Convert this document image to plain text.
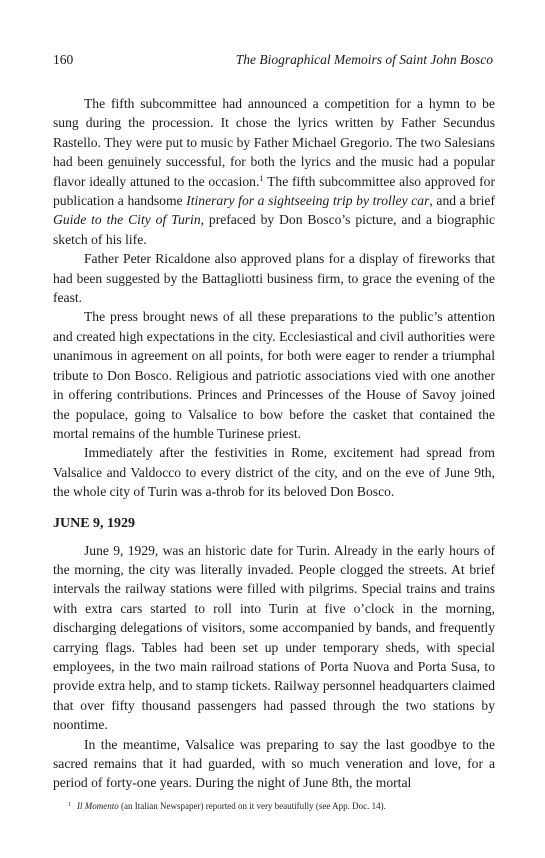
160	The Biographical Memoirs of Saint John Bosco

The fifth subcommittee had announced a competition for a hymn to be sung during the procession. It chose the lyrics written by Father Secundus Rastello. They were put to music by Father Michael Gregorio. The two Salesians had been genuinely successful, for both the lyrics and the music had a popular flavor ideally attuned to the occasion.$^1$ The fifth subcommittee also approved for publication a handsome Itinerary for a sightseeing trip by trolley car, and a brief Guide to the City of Turin, prefaced by Don Bosco’s picture, and a biographic sketch of his life.

Father Peter Ricaldone also approved plans for a display of fireworks that had been suggested by the Battagliotti business firm, to grace the evening of the feast.

The press brought news of all these preparations to the public’s attention and created high expectations in the city. Ecclesiastical and civil authorities were unanimous in agreement on all points, for both were eager to render a triumphal tribute to Don Bosco. Religious and patriotic associations vied with one another in offering contributions. Princes and Princesses of the House of Savoy joined the populace, going to Valsalice to bow before the casket that contained the mortal remains of the humble Turinese priest.

Immediately after the festivities in Rome, excitement had spread from Valsalice and Valdocco to every district of the city, and on the eve of June 9th, the whole city of Turin was a-throb for its beloved Don Bosco.

JUNE 9, 1929

June 9, 1929, was an historic date for Turin. Already in the early hours of the morning, the city was literally invaded. People clogged the streets. At brief intervals the railway stations were filled with pilgrims. Special trains and trains with extra cars started to roll into Turin at five o’clock in the morning, discharging delegations of visitors, some accompanied by bands, and frequently carrying flags. Tables had been set up under temporary sheds, with special employees, in the two main railroad stations of Porta Nuova and Porta Susa, to provide extra help, and to stamp tickets. Railway personnel headquarters claimed that over fifty thousand passengers had passed through the two stations by noontime.

In the meantime, Valsalice was preparing to say the last goodbye to the sacred remains that it had guarded, with so much veneration and love, for a period of forty-one years. During the night of June 8th, the mortal

$^1$ Il Momento (an Italian Newspaper) reported on it very beautifully (see App. Doc. 14).
